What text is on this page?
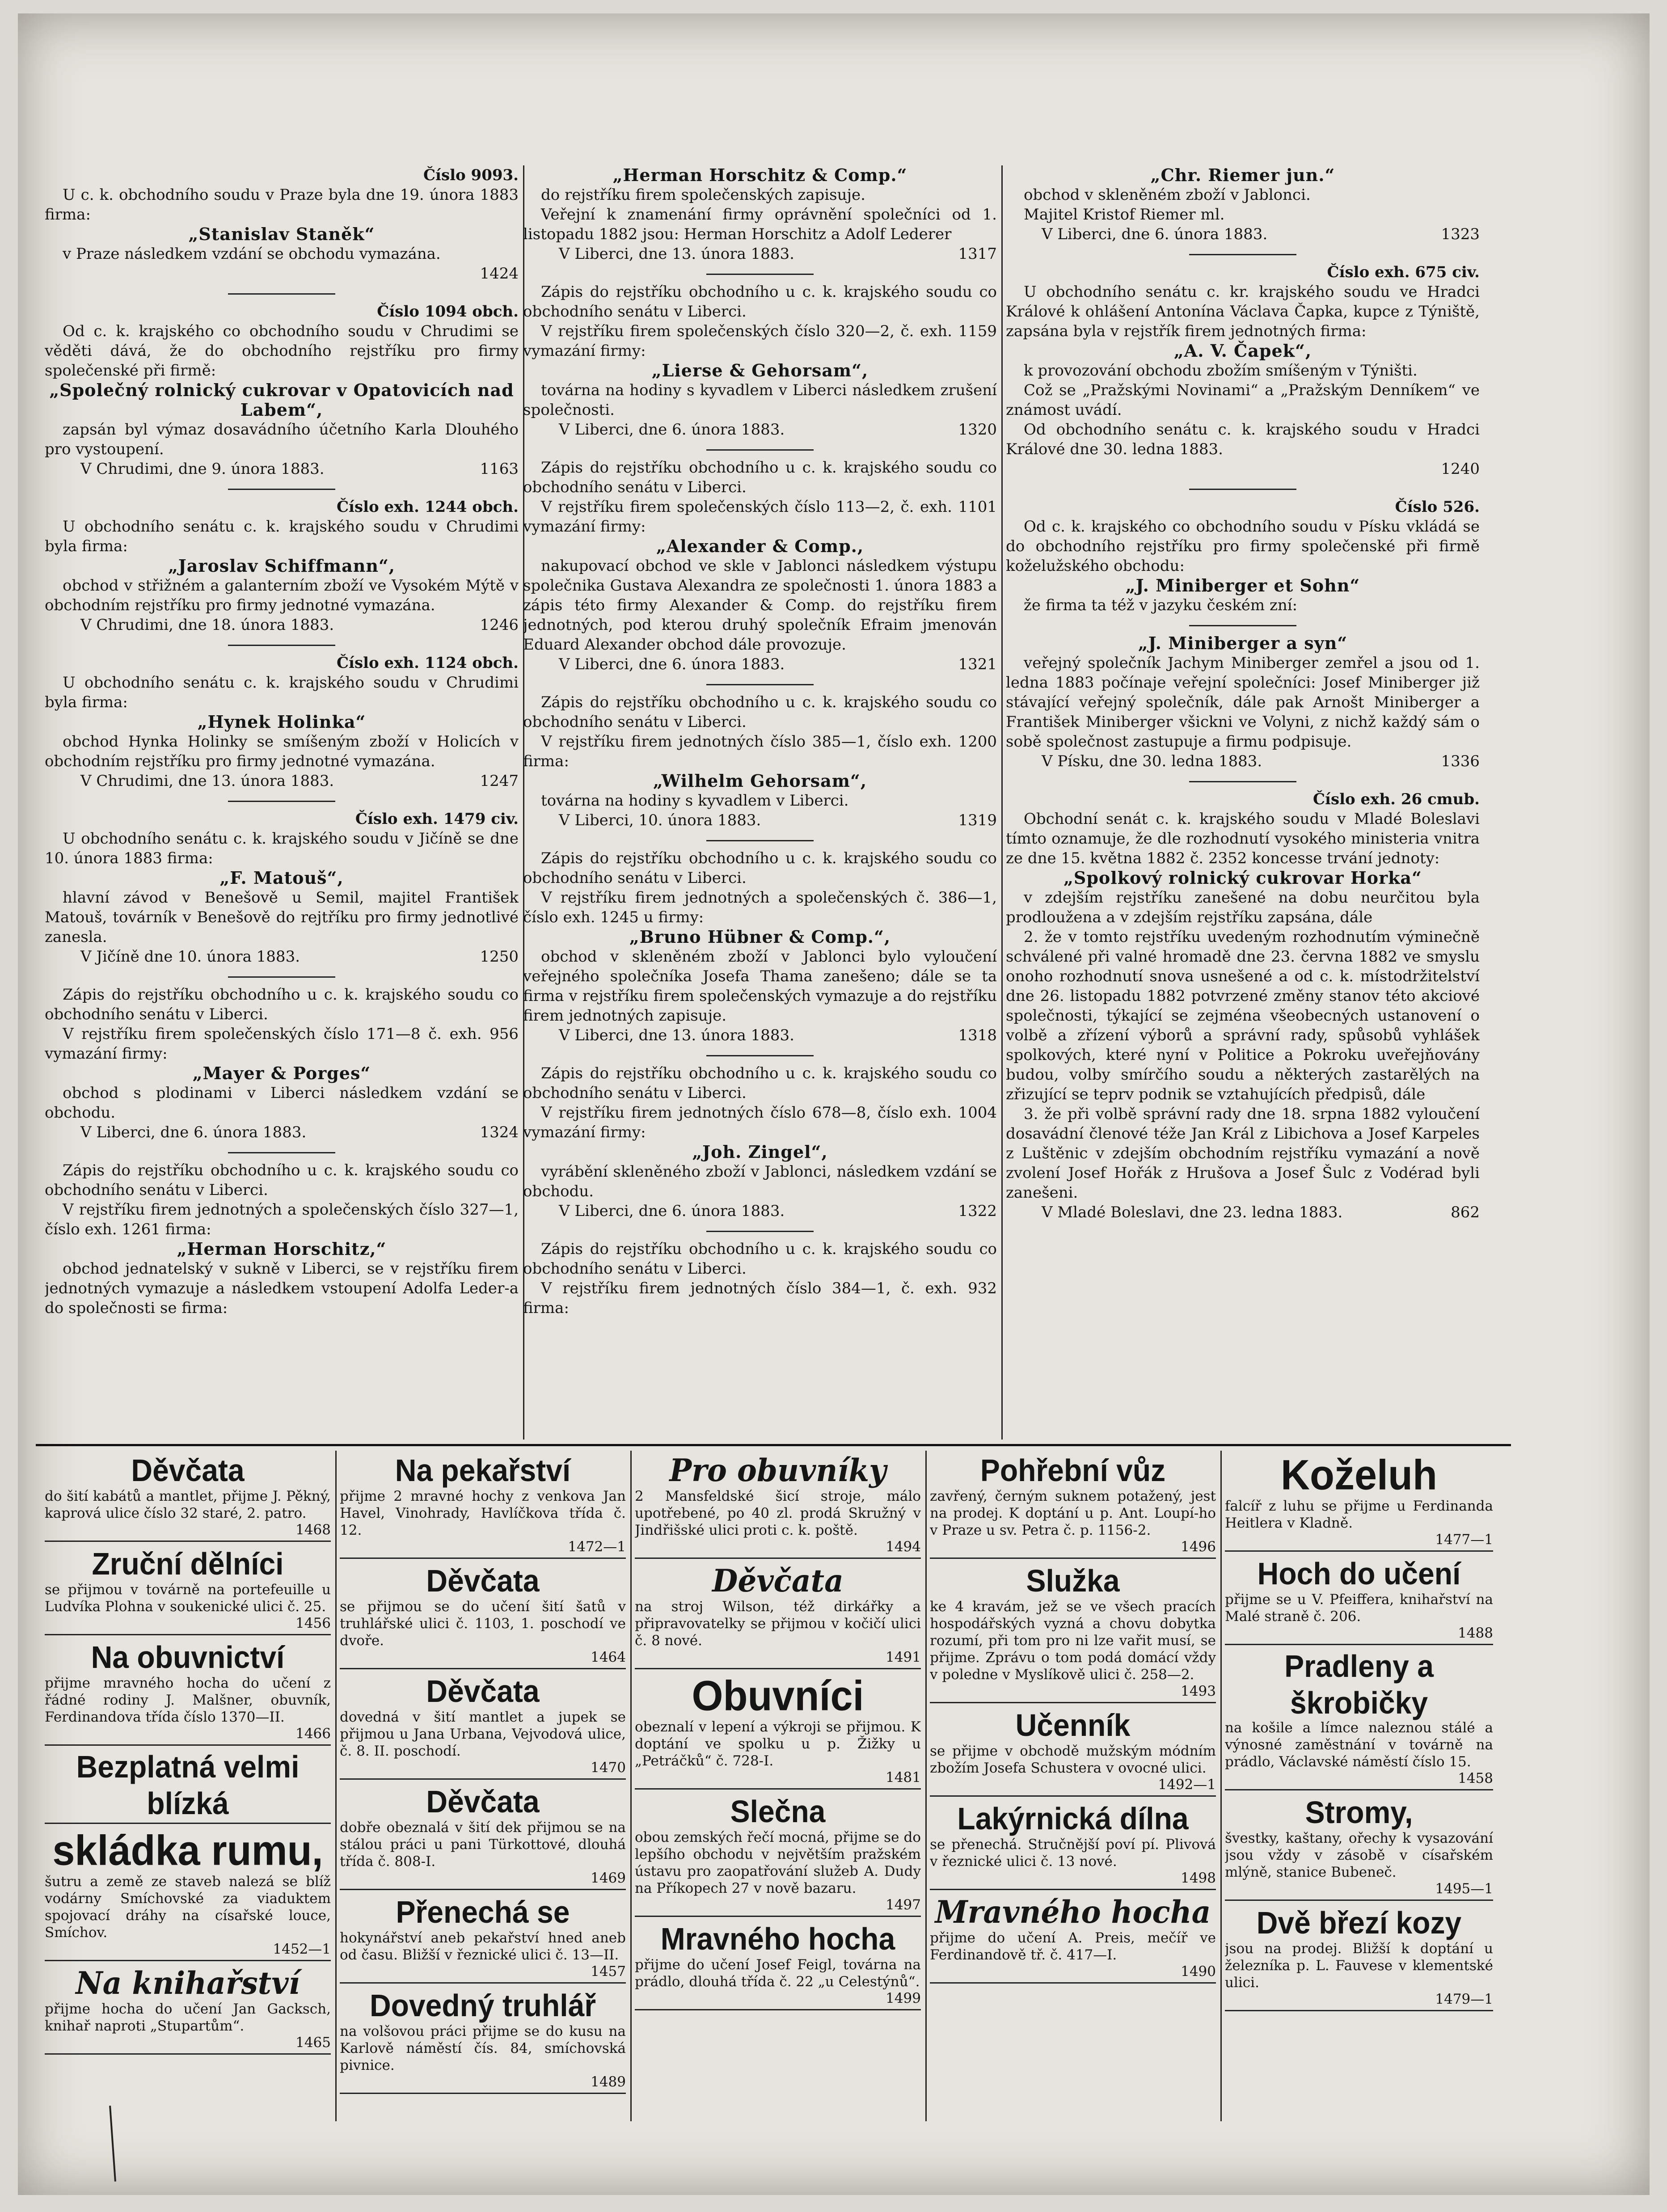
Číslo 9093.

U c. k. obchodního soudu v Praze byla dne 19. února 1883 firma:

„Stanislav Staněk“

v Praze následkem vzdání se obchodu vymazána.

1424

Číslo 1094 obch.

Od c. k. krajského co obchodního soudu v Chrudimi se věděti dává, že do obchodního rejstříku pro firmy společenské při firmě:

„Společný rolnický cukrovar v Opatovicích nad Labem“,

zapsán byl výmaz dosavádního účetního Karla Dlouhého pro vystoupení.

V Chrudimi, dne 9. února 1883.	1163

Číslo exh. 1244 obch.

U obchodního senátu c. k. krajského soudu v Chrudimi byla firma:

„Jaroslav Schiffmann“,

obchod v střižném a galanterním zboží ve Vysokém Mýtě v obchodním rejstříku pro firmy jednotné vymazána.

V Chrudimi, dne 18. února 1883.	1246

Číslo exh. 1124 obch.

U obchodního senátu c. k. krajského soudu v Chrudimi byla firma:

„Hynek Holinka“

obchod Hynka Holinky se smíšeným zboží v Holicích v obchodním rejstříku pro firmy jednotné vymazána.

V Chrudimi, dne 13. února 1883.	1247

Číslo exh. 1479 civ.

U obchodního senátu c. k. krajského soudu v Jičíně se dne 10. února 1883 firma:

„F. Matouš“,

hlavní závod v Benešově u Semil, majitel František Matouš, továrník v Benešově do rejtříku pro firmy jednotlivé zanesla.

V Jičíně dne 10. února 1883.	1250

Zápis do rejstříku obchodního u c. k. krajského soudu co obchodního senátu v Liberci.

V rejstříku firem společenských číslo 171—8 č. exh. 956 vymazání firmy:

„Mayer & Porges“

obchod s plodinami v Liberci následkem vzdání se obchodu.

V Liberci, dne 6. února 1883.	1324

Zápis do rejstříku obchodního u c. k. krajského soudu co obchodního senátu v Liberci.

V rejstříku firem jednotných a společenských číslo 327—1, číslo exh. 1261 firma:

„Herman Horschitz,“

obchod jednatelský v sukně v Liberci, se v rejstříku firem jednotných vymazuje a následkem vstoupení Adolfa Leder-a do společnosti se firma:

„Herman Horschitz & Comp.“

do rejstříku firem společenských zapisuje.

Veřejní k znamenání firmy oprávnění společníci od 1. listopadu 1882 jsou: Herman Horschitz a Adolf Lederer

V Liberci, dne 13. února 1883.	1317

Zápis do rejstříku obchodního u c. k. krajského soudu co obchodního senátu v Liberci.

V rejstříku firem společenských číslo 320—2, č. exh. 1159 vymazání firmy:

„Lierse & Gehorsam“,

továrna na hodiny s kyvadlem v Liberci následkem zrušení společnosti.

V Liberci, dne 6. února 1883.	1320

Zápis do rejstříku obchodního u c. k. krajského soudu co obchodního senátu v Liberci.

V rejstříku firem společenských číslo 113—2, č. exh. 1101 vymazání firmy:

„Alexander & Comp.,

nakupovací obchod ve skle v Jablonci následkem výstupu společnika Gustava Alexandra ze společnosti 1. února 1883 a zápis této firmy Alexander & Comp. do rejstříku firem jednotných, pod kterou druhý společník Efraim jmenován Eduard Alexander obchod dále provozuje.

V Liberci, dne 6. února 1883.	1321

Zápis do rejstříku obchodního u c. k. krajského soudu co obchodního senátu v Liberci.

V rejstříku firem jednotných číslo 385—1, číslo exh. 1200 firma:

„Wilhelm Gehorsam“,

továrna na hodiny s kyvadlem v Liberci.

V Liberci, 10. února 1883.	1319

Zápis do rejstříku obchodního u c. k. krajského soudu co obchodního senátu v Liberci.

V rejstříku firem jednotných a společenských č. 386—1, číslo exh. 1245 u firmy:

„Bruno Hübner & Comp.“,

obchod v skleněném zboží v Jablonci bylo vyloučení veřejného společníka Josefa Thama zanešeno; dále se ta firma v rejstříku firem společenských vymazuje a do rejstříku firem jednotných zapisuje.

V Liberci, dne 13. února 1883.	1318

Zápis do rejstříku obchodního u c. k. krajského soudu co obchodního senátu v Liberci.

V rejstříku firem jednotných číslo 678—8, číslo exh. 1004 vymazání firmy:

„Joh. Zingel“,

vyrábění skleněného zboží v Jablonci, následkem vzdání se obchodu.

V Liberci, dne 6. února 1883.	1322

Zápis do rejstříku obchodního u c. k. krajského soudu co obchodního senátu v Liberci.

V rejstříku firem jednotných číslo 384—1, č. exh. 932 firma:

„Chr. Riemer jun.“

obchod v skleněném zboží v Jablonci.

Majitel Kristof Riemer ml.

V Liberci, dne 6. února 1883.	1323

Číslo exh. 675 civ.

U obchodního senátu c. kr. krajského soudu ve Hradci Králové k ohlášení Antonína Václava Čapka, kupce z Týniště, zapsána byla v rejstřík firem jednotných firma:

„A. V. Čapek“,

k provozování obchodu zbožím smíšeným v Týništi.

Což se „Pražskými Novinami“ a „Pražským Denníkem“ ve známost uvádí.

Od obchodního senátu c. k. krajského soudu v Hradci Králové dne 30. ledna 1883.

1240

Číslo 526.

Od c. k. krajského co obchodního soudu v Písku vkládá se do obchodního rejstříku pro firmy společenské při firmě koželužského obchodu:

„J. Miniberger et Sohn“

že firma ta též v jazyku českém zní:

„J. Miniberger a syn“

veřejný společník Jachym Miniberger zemřel a jsou od 1. ledna 1883 počínaje veřejní společníci: Josef Miniberger již stávající veřejný společník, dále pak Arnošt Miniberger a František Miniberger všickni ve Volyni, z nichž každý sám o sobě společnost zastupuje a firmu podpisuje.

V Písku, dne 30. ledna 1883.	1336

Číslo exh. 26 cmub.

Obchodní senát c. k. krajského soudu v Mladé Boleslavi tímto oznamuje, že dle rozhodnutí vysokého ministeria vnitra ze dne 15. května 1882 č. 2352 koncesse trvání jednoty:

„Spolkový rolnický cukrovar Horka“

v zdejším rejstříku zanešené na dobu neurčitou byla prodloužena a v zdejším rejstříku zapsána, dále

2. že v tomto rejstříku uvedeným rozhodnutím výminečně schválené při valné hromadě dne 23. června 1882 ve smyslu onoho rozhodnutí snova usnešené a od c. k. místodržitelství dne 26. listopadu 1882 potvrzené změny stanov této akciové společnosti, týkající se zejména všeobecných ustanovení o volbě a zřízení výborů a správní rady, spůsobů vyhlášek spolkových, které nyní v Politice a Pokroku uveřejňovány budou, volby smírčího soudu a některých zastarělých na zřizující se teprv podnik se vztahujících předpisů, dále

3. že při volbě správní rady dne 18. srpna 1882 vyloučení dosavádní členové téže Jan Král z Libichova a Josef Karpeles z Luštěnic v zdejším obchodním rejstříku vymazání a nově zvolení Josef Hořák z Hrušova a Josef Šulc z Vodérad byli zanešeni.

V Mladé Boleslavi, dne 23. ledna 1883.	862

Děvčata

do šití kabátů a mantlet, přijme J. Pěkný, kaprová ulice číslo 32 staré, 2. patro.

1468
Zruční dělníci

se přijmou v továrně na portefeuille u Ludvíka Plohna v soukenické ulici č. 25.

1456
Na obuvnictví

přijme mravného hocha do učení z řádné rodiny J. Malšner, obuvník, Ferdinandova třída číslo 1370—II.

1466
Bezplatná velmi blízká
skládka rumu,

šutru a země ze staveb nalezá se blíž vodárny Smíchovské za viaduktem spojovací dráhy na císařské louce, Smíchov.

1452—1
Na knihařství

přijme hocha do učení Jan Gacksch, knihař naproti „Stupartům“.

1465
Na pekařství

přijme 2 mravné hochy z venkova Jan Havel, Vinohrady, Havlíčkova třída č. 12.

1472—1
Děvčata

se přijmou se do učení šití šatů v truhlářské ulici č. 1103, 1. poschodí ve dvoře.

1464
Děvčata

dovedná v šití mantlet a jupek se přijmou u Jana Urbana, Vejvodová ulice, č. 8. II. poschodí.

1470
Děvčata

dobře obeznalá v šití dek přijmou se na stálou práci u pani Türkottové, dlouhá třída č. 808-I.

1469
Přenechá se

hokynářství aneb pekařství hned aneb od času. Bližší v řeznické ulici č. 13—II.

1457
Dovedný truhlář

na volšovou práci přijme se do kusu na Karlově náměstí čís. 84, smíchovská pivnice.

1489
Pro obuvníky

2 Mansfeldské šicí stroje, málo upotřebené, po 40 zl. prodá Skružný v Jindřišské ulici proti c. k. poště.

1494
Děvčata

na stroj Wilson, též dirkářky a připravovatelky se přijmou v kočičí ulici č. 8 nové.

1491
Obuvníci

obeznalí v lepení a výkroji se přijmou. K doptání ve spolku u p. Žižky u „Petráčků“ č. 728-I.

1481
Slečna

obou zemských řečí mocná, přijme se do lepšího obchodu v největším pražském ústavu pro zaopatřování služeb A. Dudy na Příkopech 27 v nově bazaru.

1497
Mravného hocha

přijme do učení Josef Feigl, továrna na prádlo, dlouhá třída č. 22 „u Celestýnů“.

1499
Pohřební vůz

zavřený, černým suknem potažený, jest na prodej. K doptání u p. Ant. Loupí-ho v Praze u sv. Petra č. p. 1156-2.

1496
Služka

ke 4 kravám, jež se ve všech pracích hospodářských vyzná a chovu dobytka rozumí, při tom pro ni lze vařit musí, se přijme. Zprávu o tom podá domácí vždy v poledne v Myslíkově ulici č. 258—2.

1493
Učenník

se přijme v obchodě mužským módním zbožím Josefa Schustera v ovocné ulici.

1492—1
Lakýrnická dílna

se přenechá. Stručnější poví pí. Plivová v řeznické ulici č. 13 nové.

1498
Mravného hocha

přijme do učení A. Preis, mečíř ve Ferdinandově tř. č. 417—I.

1490
Koželuh

falcíř z luhu se přijme u Ferdinanda Heitlera v Kladně.

1477—1
Hoch do učení

přijme se u V. Pfeiffera, knihařství na Malé straně č. 206.

1488
Pradleny a škrobičky

na košile a límce naleznou stálé a výnosné zaměstnání v továrně na prádlo, Václavské náměstí číslo 15.

1458
Stromy,

švestky, kaštany, ořechy k vysazování jsou vždy v zásobě v císařském mlýně, stanice Bubeneč.

1495—1
Dvě březí kozy

jsou na prodej. Bližší k doptání u železníka p. L. Fauvese v klementské ulici.

1479—1
